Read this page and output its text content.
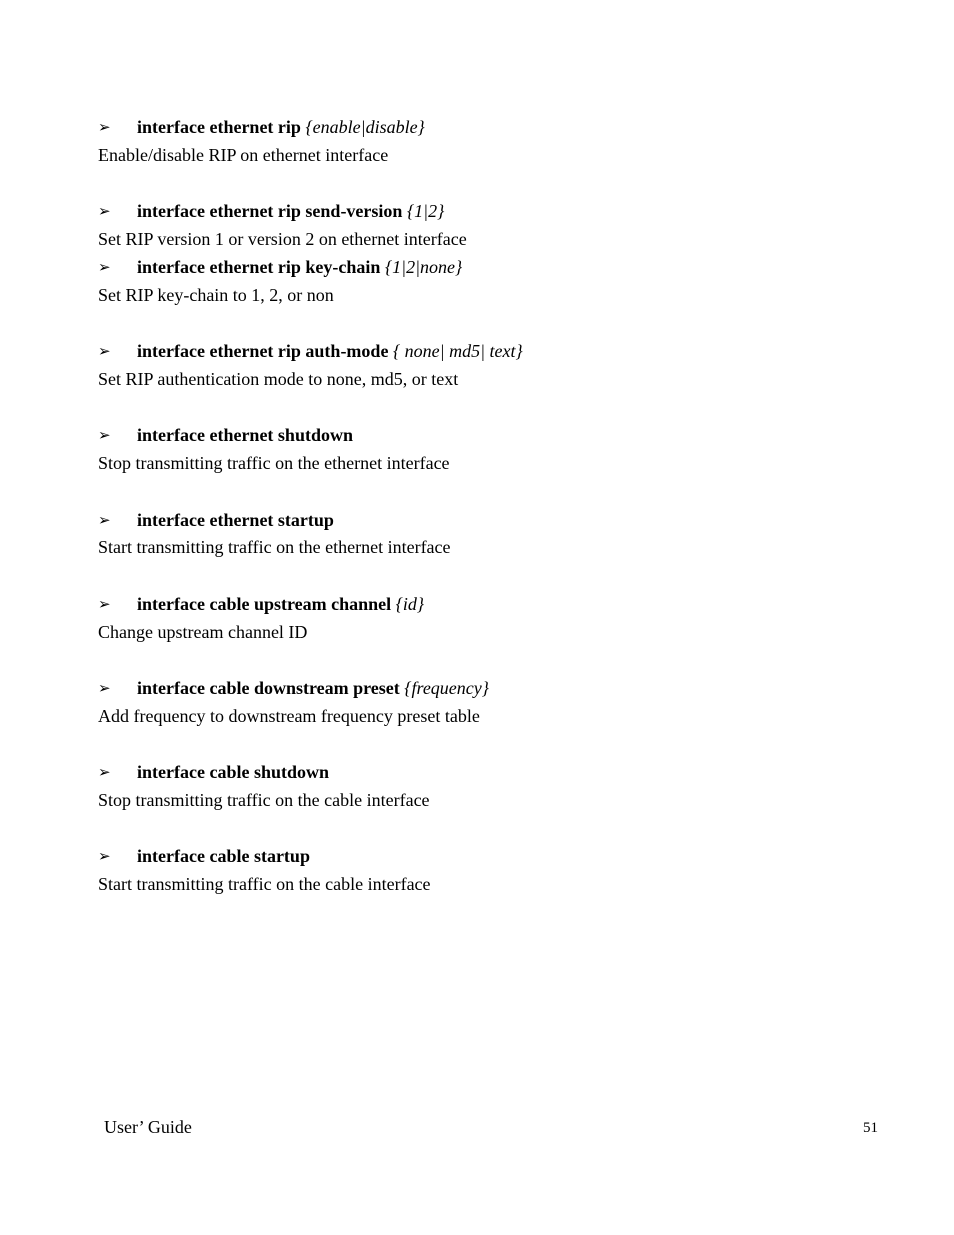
➢ interface ethernet rip {enable|disable}
Enable/disable RIP on ethernet interface
➢ interface ethernet rip send-version {1|2}
Set RIP version 1 or version 2 on ethernet interface
➢ interface ethernet rip key-chain {1|2|none}
Set RIP key-chain to 1, 2, or non
➢ interface ethernet rip auth-mode { none| md5| text}
Set RIP authentication mode to none, md5, or text
➢ interface ethernet shutdown
Stop transmitting traffic on the ethernet interface
➢ interface ethernet startup
Start transmitting traffic on the ethernet interface
➢ interface cable upstream channel {id}
Change upstream channel ID
➢ interface cable downstream preset {frequency}
Add frequency to downstream frequency preset table
➢ interface cable shutdown
Stop transmitting traffic on the cable interface
➢ interface cable startup
Start transmitting traffic on the cable interface
User’ Guide	51
